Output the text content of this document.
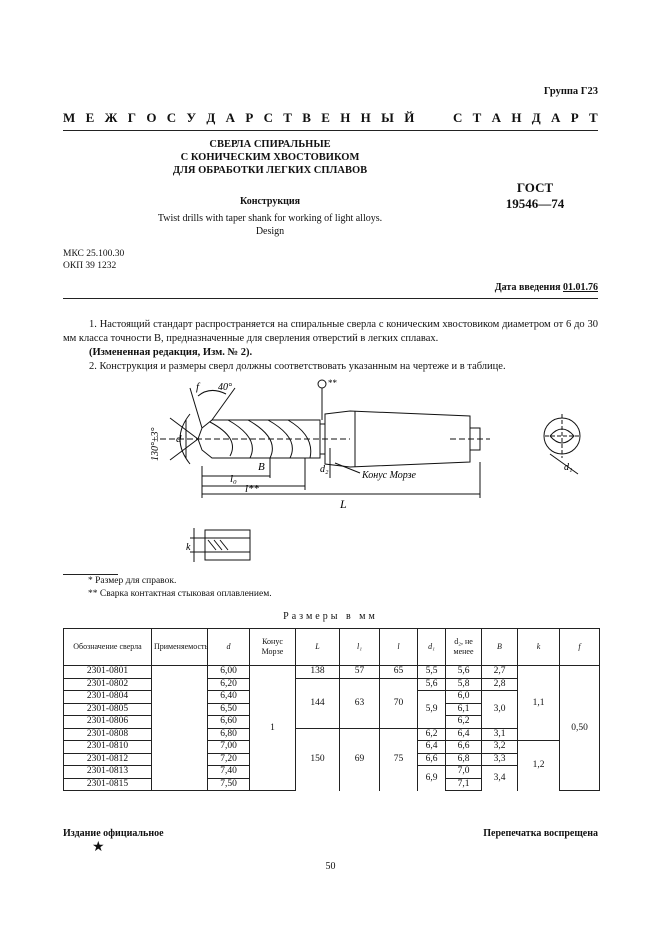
Группа Г23
М Е Ж Г О С У Д А Р С Т В Е Н Н Ы Й	С Т А Н Д А Р Т
СВЕРЛА СПИРАЛЬНЫЕ
С КОНИЧЕСКИМ ХВОСТОВИКОМ
ДЛЯ ОБРАБОТКИ ЛЕГКИХ СПЛАВОВ
Конструкция
Twist drills with taper shank for working of light alloys.
Design
ГОСТ
19546—74
МКС 25.100.30
ОКП 39 1232
Дата введения 01.01.76
1. Настоящий стандарт распространяется на спиральные сверла с коническим хвостовиком диаметром от 6 до 30 мм класса точности В, предназначенные для сверления отверстий в легких сплавах.
(Измененная редакция, Изм. № 2).
2. Конструкция и размеры сверл должны соответствовать указанным на чертеже и в таблице.
40°
f
130°±3° d
B
l₀
l**
L
d₂	d₁
**
Конус Морзе
k
* Размер для справок.
** Сварка контактная стыковая оплавлением.
Размеры в мм
Обозначение сверла	Применяемость	d	Конус Морзе	L	l₁	l	d₁	d₂, не менее	B	k	f
2301-0801		6,00	1	138	57	65	5,5	5,6	2,7	1,1	0,50
2301-0802		6,20		144	63	70	5,6	5,8	2,8		
2301-0804		6,40					5,9	6,0	3,0		
2301-0805		6,50						6,1			
2301-0806		6,60						6,2			
2301-0808		6,80		150	69	75	6,2	6,4	3,1		
2301-0810		7,00					6,4	6,6	3,2	1,2	
2301-0812		7,20					6,6	6,8	3,3		
2301-0813		7,40					6,9	7,0	3,4		
2301-0815		7,50						7,1			
Издание официальное	Перепечатка воспрещена
★
50
